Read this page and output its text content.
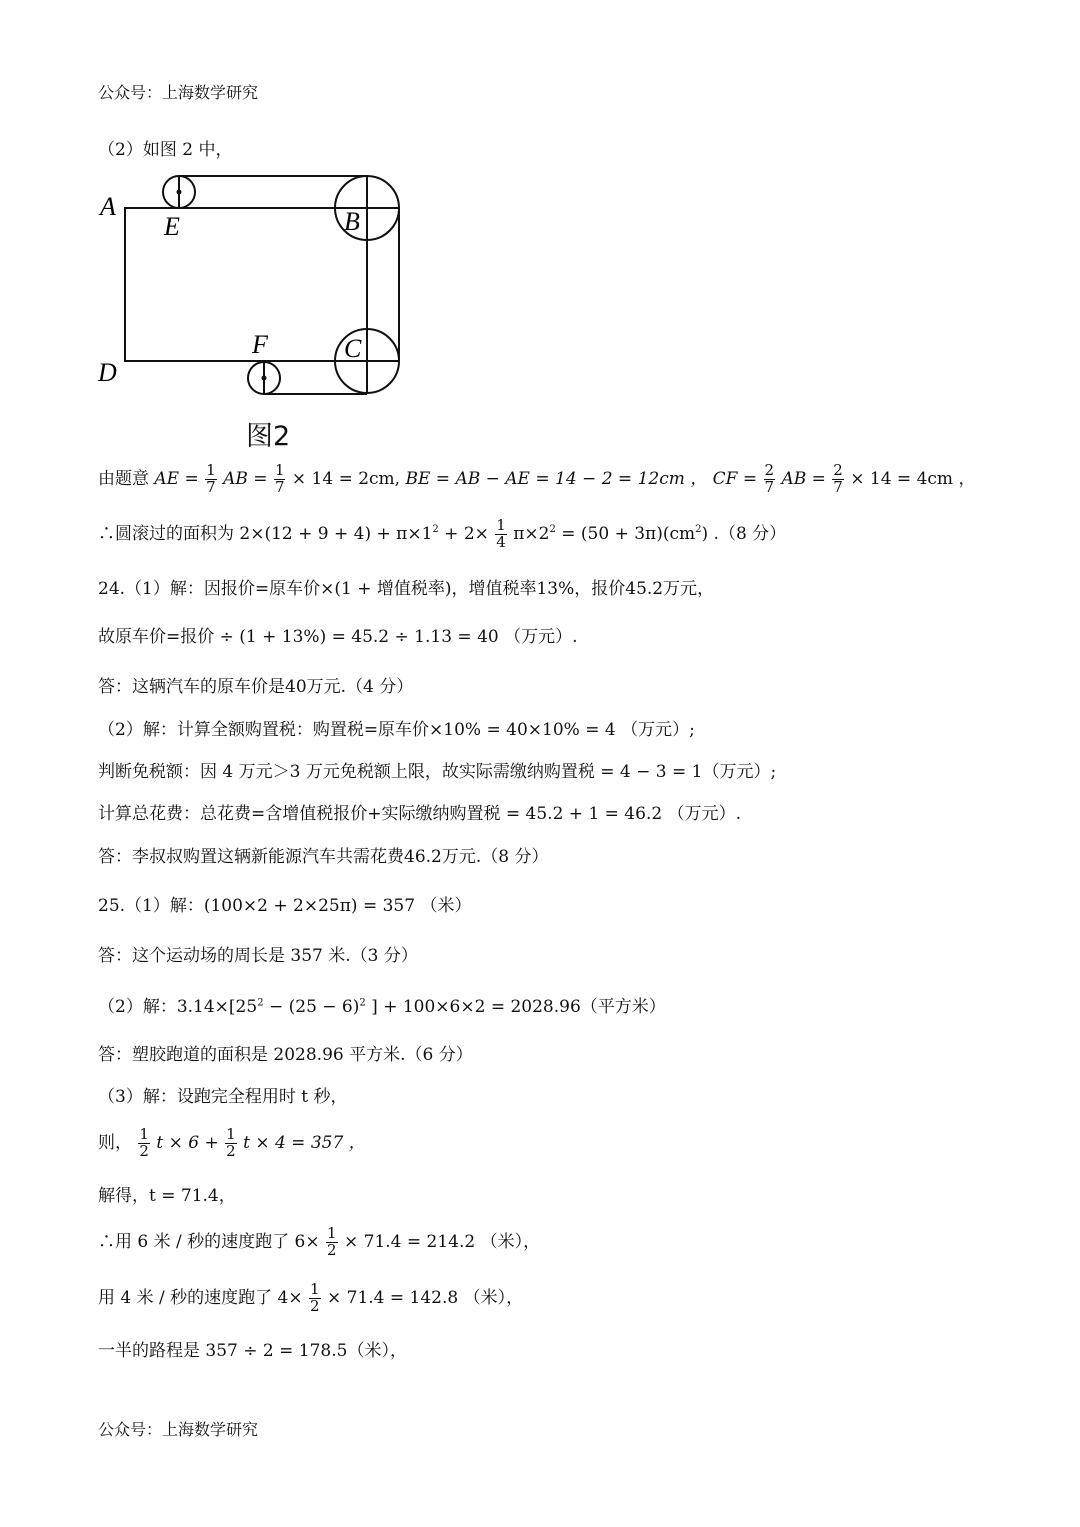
公众号：上海数学研究
（2）如图 2 中，
A
E	B
D
F	C
图2
由题意 AE = $\frac{1}{7}$ AB = $\frac{1}{7} \times 14 = 2cm$, BE = AB − AE = 14 − 2 = 12cm ， CF = $\frac{2}{7}$ AB = $\frac{2}{7} \times 14 = 4cm$ ，
∴圆滚过的面积为 $2\times(12 + 9 + 4) + \pi\times 1^2 + 2\times \frac{1}{4} \pi\times 2^2 = (50 + 3\pi)(cm^2)$ .（8 分）
24.（1）解：因报价=原车价×(1 + 增值税率)，增值税率13%，报价45.2万元，
故原车价=报价 ÷ (1 + 13%) = 45.2 ÷ 1.13 = 40 （万元）.
答：这辆汽车的原车价是40万元.（4 分）
（2）解：计算全额购置税：购置税=原车价×10% = 40×10% = 4 （万元）;
判断免税额：因 4 万元＞3 万元免税额上限，故实际需缴纳购置税 = 4 − 3 = 1（万元）;
计算总花费：总花费=含增值税报价+实际缴纳购置税 = 45.2 + 1 = 46.2 （万元）.
答：李叔叔购置这辆新能源汽车共需花费46.2万元.（8 分）
25.（1）解：(100×2 + 2×25π) = 357 （米）
答：这个运动场的周长是 357 米.（3 分）
（2）解：$3.14\times[25^2 - (25 - 6)^2$ ] + 100×6×2 = 2028.96（平方米）
答：塑胶跑道的面积是 2028.96 平方米.（6 分）
（3）解：设跑完全程用时 t 秒，
则， $\frac{1}{2}$ $t \times 6 + \frac{1}{2}$ t × 4 = 357 ，
解得，t = 71.4，
∴用 6 米 / 秒的速度跑了 $6\times \frac{1}{2} \times 71.4 = 214.2$ （米），
用 4 米 / 秒的速度跑了 $4\times \frac{1}{2} \times 71.4 = 142.8$ （米），
一半的路程是 357 ÷ 2 = 178.5（米），
公众号：上海数学研究
